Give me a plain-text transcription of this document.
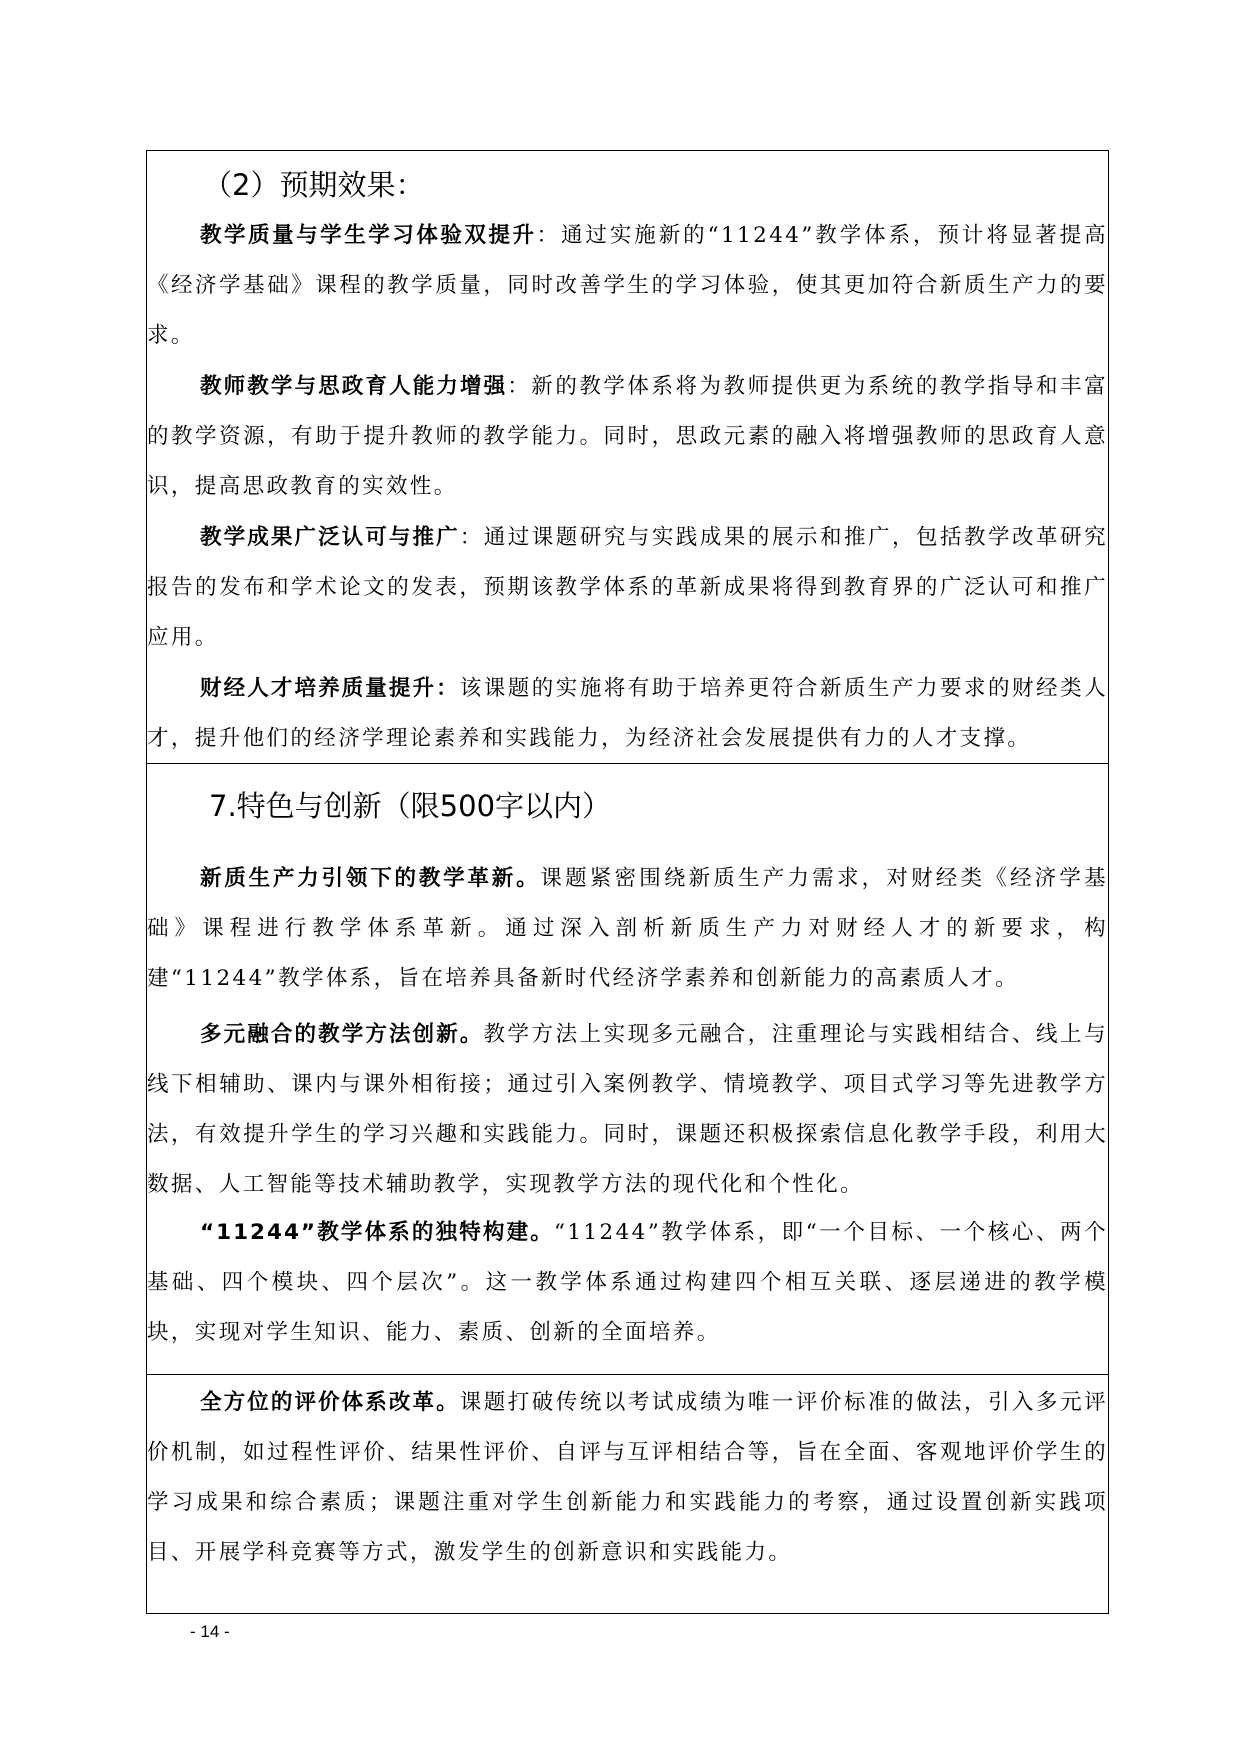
（2）预期效果：

教学质量与学生学习体验双提升：通过实施新的“11244”教学体系，预计将显著提高《经济学基础》课程的教学质量，同时改善学生的学习体验，使其更加符合新质生产力的要求。

教师教学与思政育人能力增强：新的教学体系将为教师提供更为系统的教学指导和丰富的教学资源，有助于提升教师的教学能力。同时，思政元素的融入将增强教师的思政育人意识，提高思政教育的实效性。

教学成果广泛认可与推广：通过课题研究与实践成果的展示和推广，包括教学改革研究报告的发布和学术论文的发表，预期该教学体系的革新成果将得到教育界的广泛认可和推广应用。

财经人才培养质量提升：该课题的实施将有助于培养更符合新质生产力要求的财经类人才，提升他们的经济学理论素养和实践能力，为经济社会发展提供有力的人才支撑。

7.特色与创新（限500字以内）

新质生产力引领下的教学革新。课题紧密围绕新质生产力需求，对财经类《经济学基础》课程进行教学体系革新。通过深入剖析新质生产力对财经人才的新要求，构建“11244”教学体系，旨在培养具备新时代经济学素养和创新能力的高素质人才。

多元融合的教学方法创新。教学方法上实现多元融合，注重理论与实践相结合、线上与线下相辅助、课内与课外相衔接；通过引入案例教学、情境教学、项目式学习等先进教学方法，有效提升学生的学习兴趣和实践能力。同时，课题还积极探索信息化教学手段，利用大数据、人工智能等技术辅助教学，实现教学方法的现代化和个性化。

“11244”教学体系的独特构建。“11244”教学体系，即“一个目标、一个核心、两个基础、四个模块、四个层次”。这一教学体系通过构建四个相互关联、逐层递进的教学模块，实现对学生知识、能力、素质、创新的全面培养。

全方位的评价体系改革。课题打破传统以考试成绩为唯一评价标准的做法，引入多元评价机制，如过程性评价、结果性评价、自评与互评相结合等，旨在全面、客观地评价学生的学习成果和综合素质；课题注重对学生创新能力和实践能力的考察，通过设置创新实践项目、开展学科竞赛等方式，激发学生的创新意识和实践能力。

- 14 -
